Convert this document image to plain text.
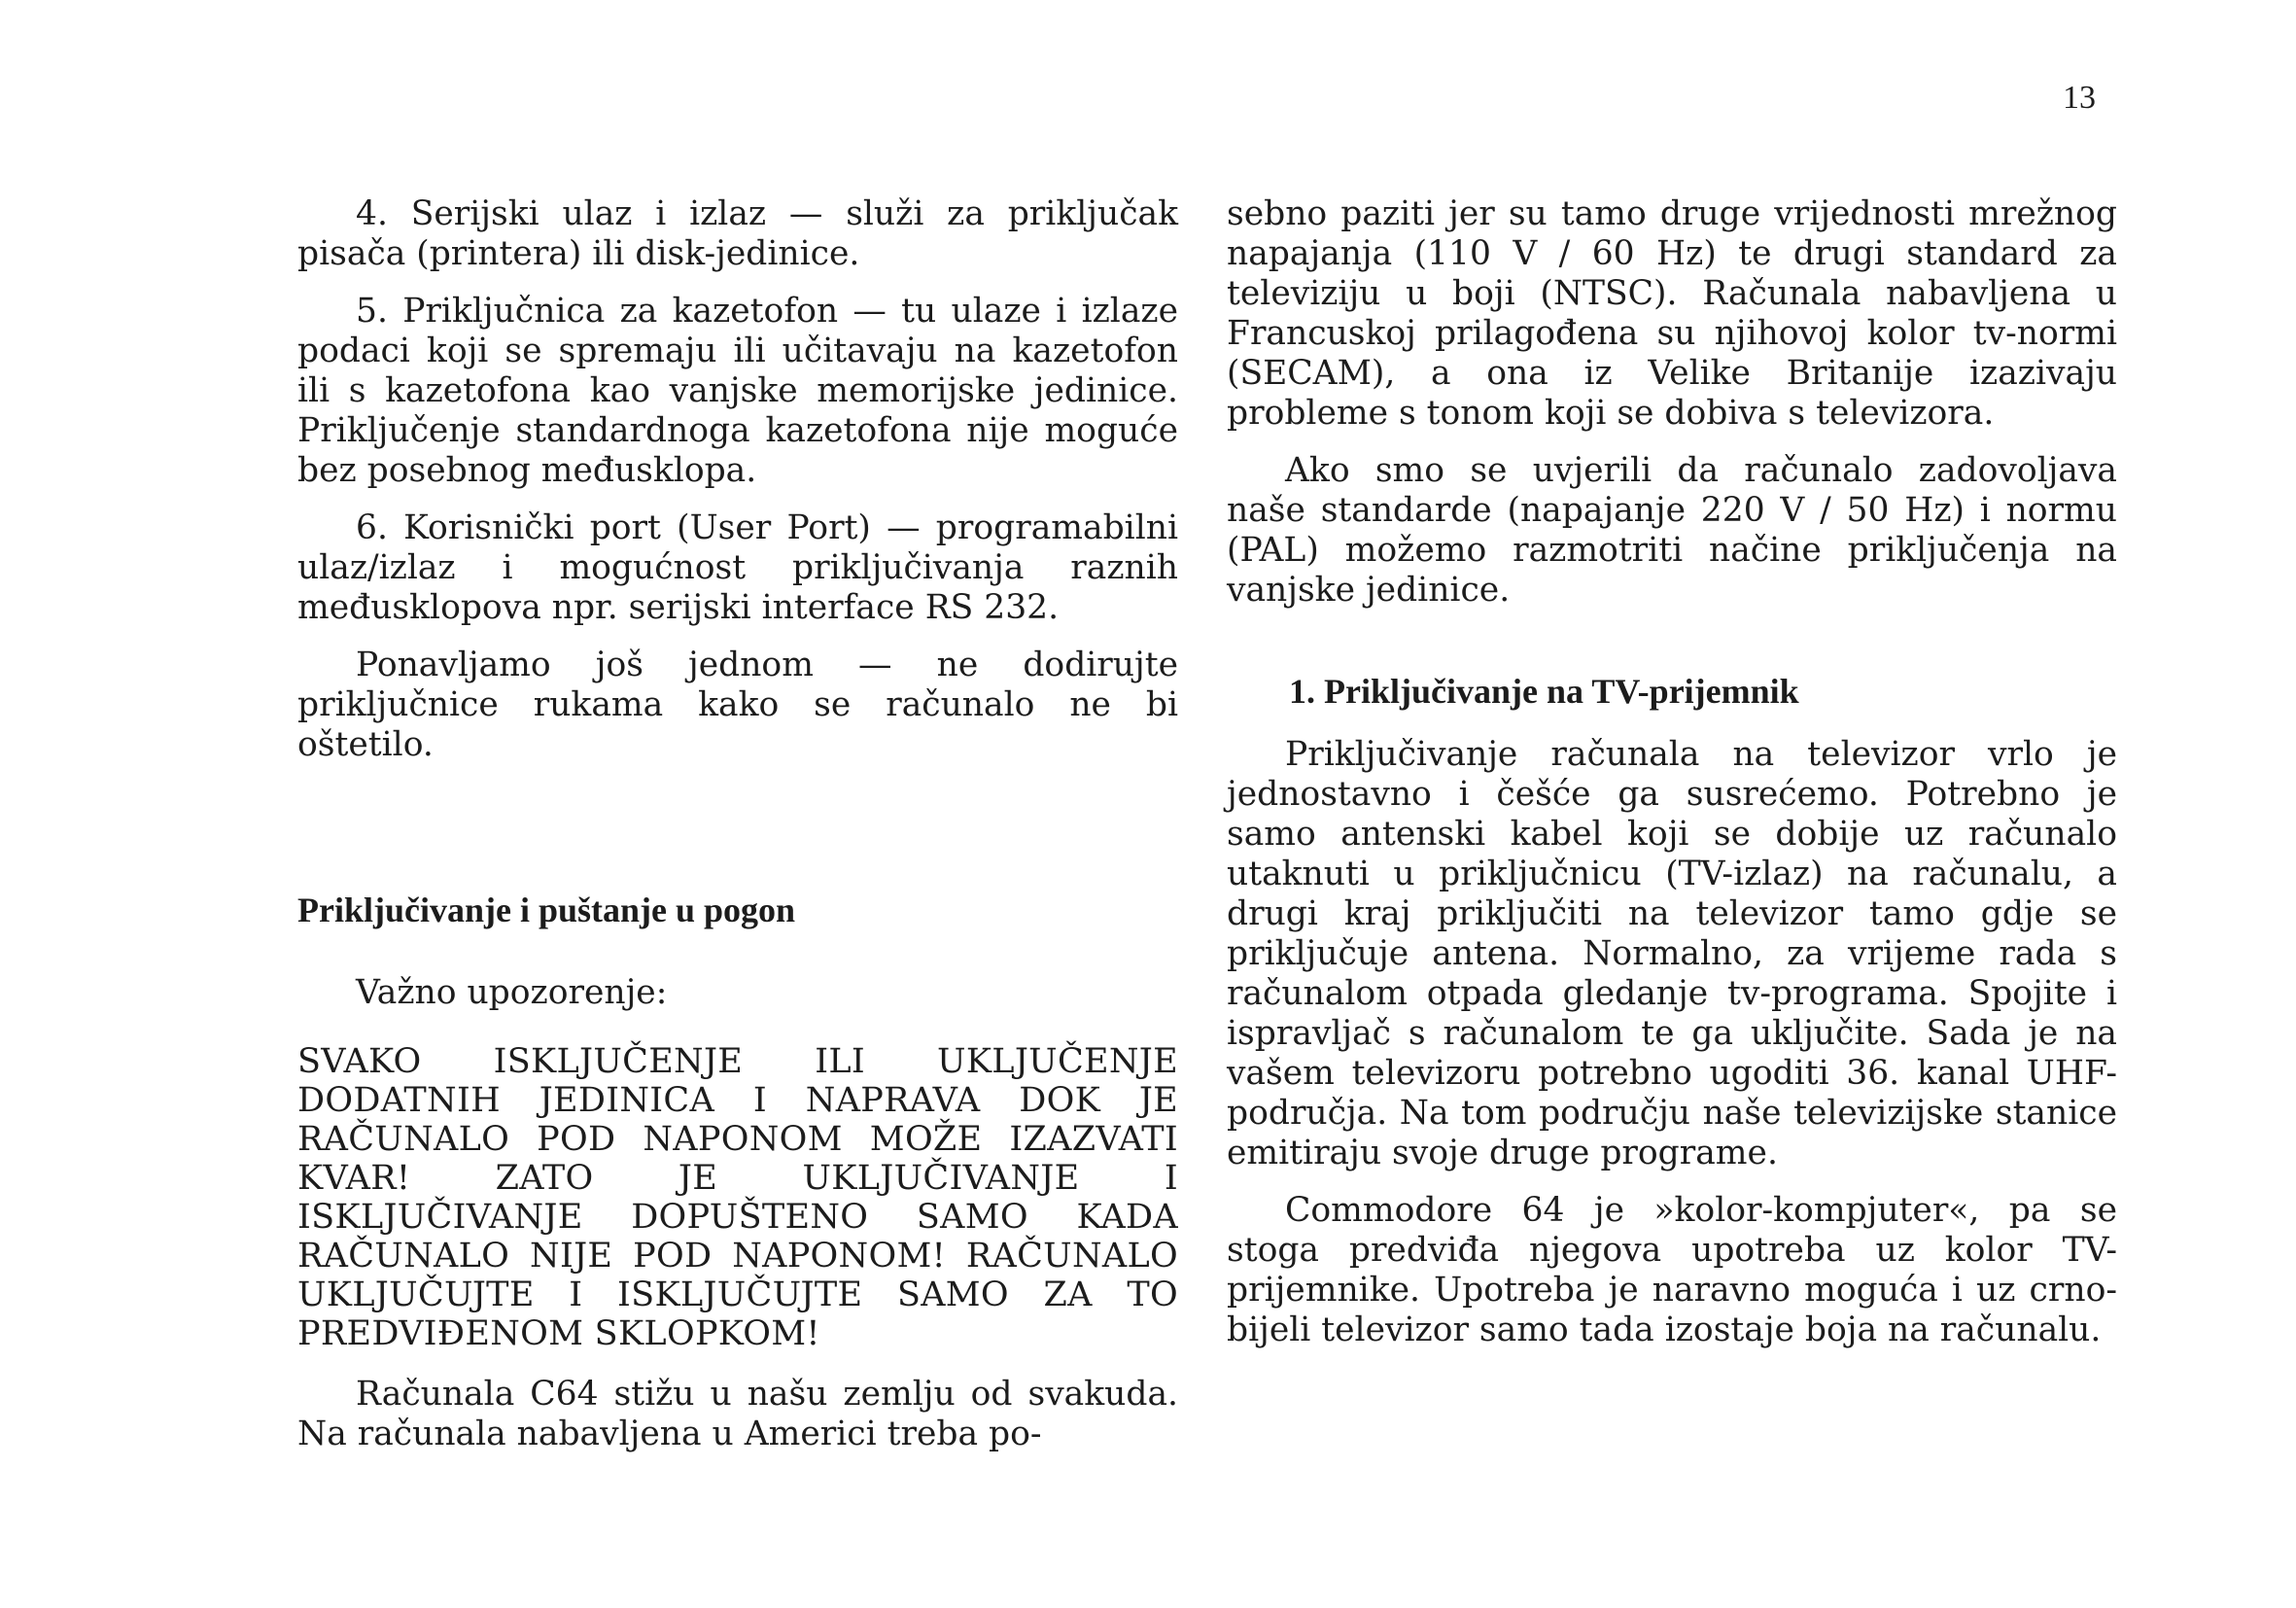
13

4. Serijski ulaz i izlaz — služi za priključak pisača (printera) ili disk-jedinice.

5. Priključnica za kazetofon — tu ulaze i izlaze podaci koji se spremaju ili učitavaju na kazetofon ili s kazetofona kao vanjske memorijske jedinice. Priključenje standardnoga kazetofona nije moguće bez posebnog međusklopa.

6. Korisnički port (User Port) — programabilni ulaz/izlaz i mogućnost priključivanja raznih međusklopova npr. serijski interface RS 232.

Ponavljamo još jednom — ne dodirujte priključnice rukama kako se računalo ne bi oštetilo.

Priključivanje i puštanje u pogon

Važno upozorenje:

SVAKO ISKLJUČENJE ILI UKLJUČENJE DODATNIH JEDINICA I NAPRAVA DOK JE RAČUNALO POD NAPONOM MOŽE IZAZVATI KVAR! ZATO JE UKLJUČIVANJE I ISKLJUČIVANJE DOPUŠTENO SAMO KADA RAČUNALO NIJE POD NAPONOM! RAČUNALO UKLJUČUJTE I ISKLJUČUJTE SAMO ZA TO PREDVIĐENOM SKLOPKOM!

Računala C64 stižu u našu zemlju od svakuda. Na računala nabavljena u Americi treba po-

sebno paziti jer su tamo druge vrijednosti mrežnog napajanja (110 V / 60 Hz) te drugi standard za televiziju u boji (NTSC). Računala nabavljena u Francuskoj prilagođena su njihovoj kolor tv-normi (SECAM), a ona iz Velike Britanije izazivaju probleme s tonom koji se dobiva s televizora.

Ako smo se uvjerili da računalo zadovoljava naše standarde (napajanje 220 V / 50 Hz) i normu (PAL) možemo razmotriti načine priključenja na vanjske jedinice.

1. Priključivanje na TV-prijemnik

Priključivanje računala na televizor vrlo je jednostavno i češće ga susrećemo. Potrebno je samo antenski kabel koji se dobije uz računalo utaknuti u priključnicu (TV-izlaz) na računalu, a drugi kraj priključiti na televizor tamo gdje se priključuje antena. Normalno, za vrijeme rada s računalom otpada gledanje tv-programa. Spojite i ispravljač s računalom te ga uključite. Sada je na vašem televizoru potrebno ugoditi 36. kanal UHF-područja. Na tom području naše televizijske stanice emitiraju svoje druge programe.

Commodore 64 je »kolor-kompjuter«, pa se stoga predviđa njegova upotreba uz kolor TV-prijemnike. Upotreba je naravno moguća i uz crno-bijeli televizor samo tada izostaje boja na računalu.
